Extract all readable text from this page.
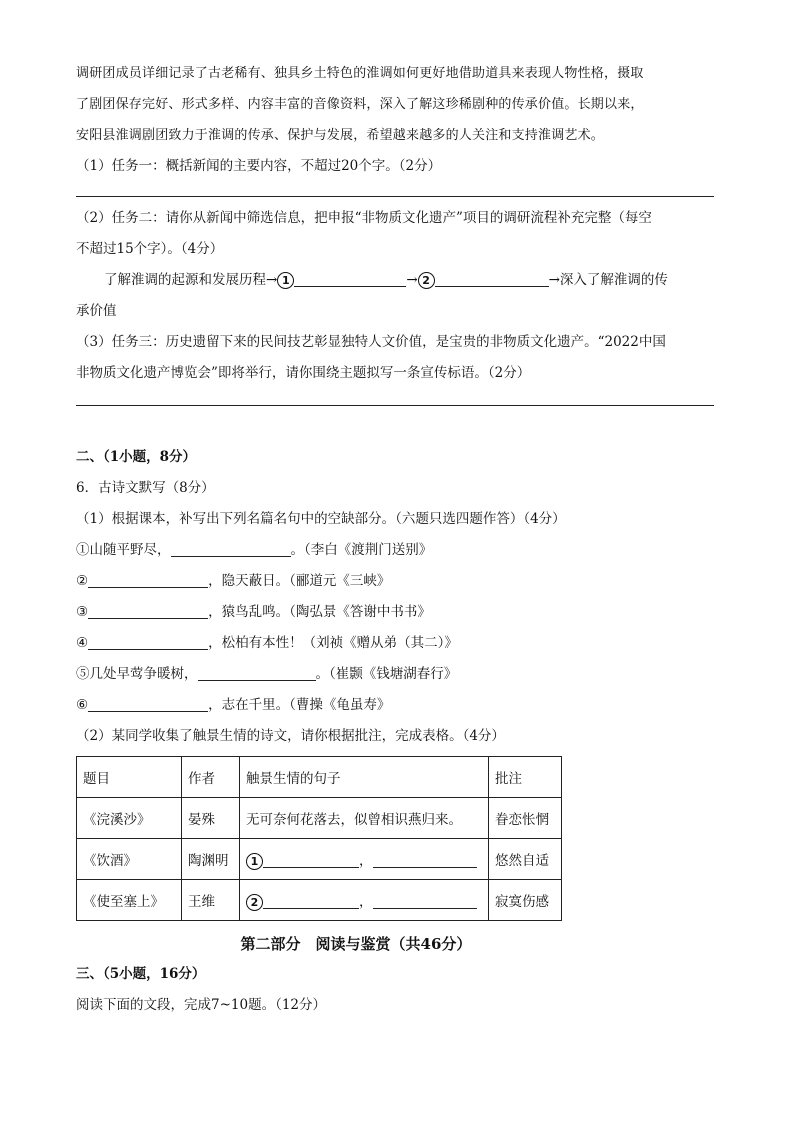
调研团成员详细记录了古老稀有、独具乡土特色的淮调如何更好地借助道具来表现人物性格，摄取
了剧团保存完好、形式多样、内容丰富的音像资料，深入了解这珍稀剧种的传承价值。长期以来，
安阳县淮调剧团致力于淮调的传承、保护与发展，希望越来越多的人关注和支持淮调艺术。
（1）任务一：概括新闻的主要内容，不超过20个字。（2分）
（2）任务二：请你从新闻中筛选信息，把申报“非物质文化遗产”项目的调研流程补充完整（每空
不超过15个字）。（4分）
了解淮调的起源和发展历程→ 1	→ 2	→深入了解淮调的传
承价值
（3）任务三：历史遗留下来的民间技艺彰显独特人文价值，是宝贵的非物质文化遗产。“2022中国
非物质文化遗产博览会”即将举行，请你围绕主题拟写一条宣传标语。（2分）
二、（1小题，8分）
6．古诗文默写（8分）
（1）根据课本，补写出下列名篇名句中的空缺部分。（六题只选四题作答）（4分）
①山随平野尽，	。（李白《渡荆门送别》
②	，隐天蔽日。（郦道元《三峡》
③	，猿鸟乱鸣。（陶弘景《答谢中书书》
④	，松柏有本性！（刘祯《赠从弟（其二）》
⑤几处早莺争暖树，	。（崔颢《钱塘湖春行》
⑥	，志在千里。（曹操《龟虽寿》
（2）某同学收集了触景生情的诗文，请你根据批注，完成表格。（4分）
题目	作者	触景生情的句子	批注
《浣溪沙》	晏殊	无可奈何花落去，似曾相识燕归来。	眷恋怅惘
《饮酒》	陶渊明	1 ，	悠然自适
《使至塞上》	王维	2 ，	寂寞伤感
第二部分　阅读与鉴赏（共46分）
三、（5小题，16分）
阅读下面的文段，完成7~10题。（12分）
